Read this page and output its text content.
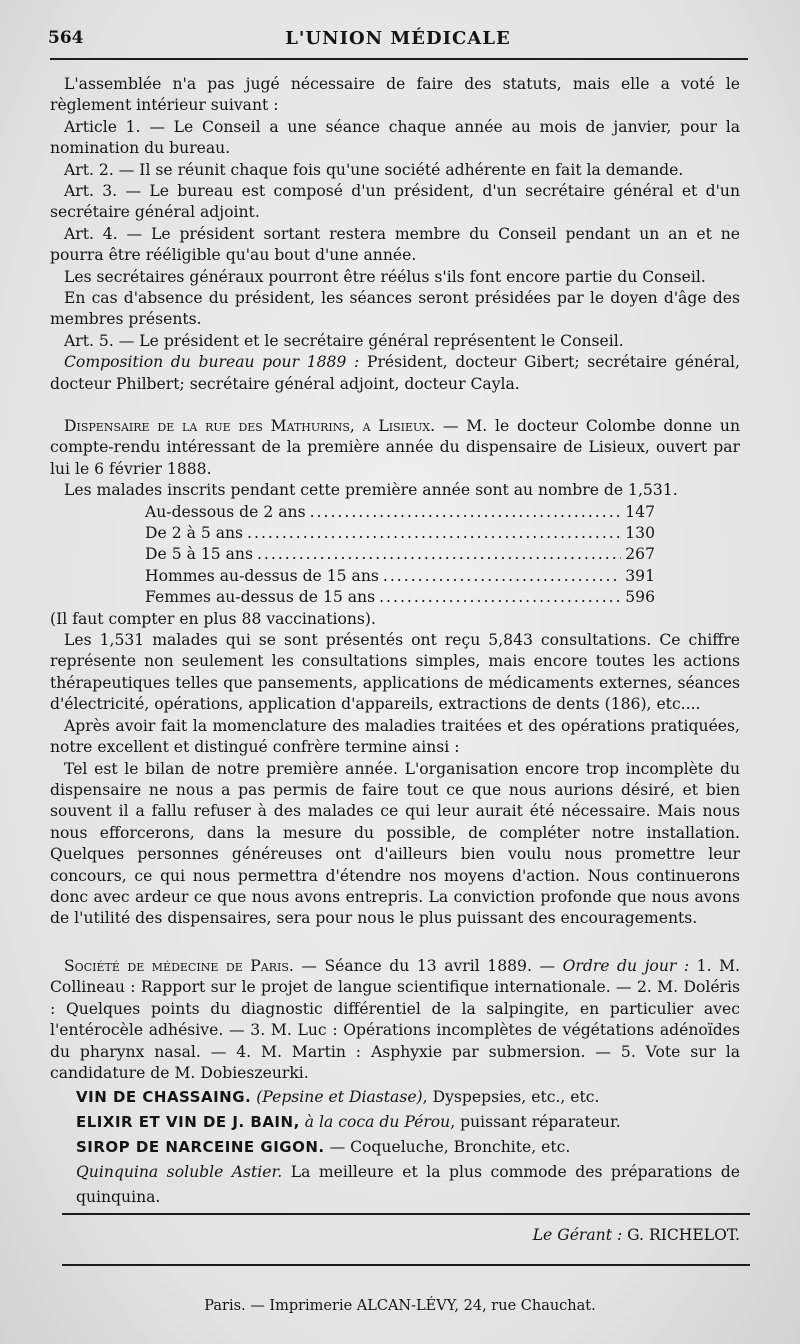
564	L'UNION MÉDICALE

L'assemblée n'a pas jugé nécessaire de faire des statuts, mais elle a voté le règlement intérieur suivant :

Article 1. — Le Conseil a une séance chaque année au mois de janvier, pour la nomination du bureau.

Art. 2. — Il se réunit chaque fois qu'une société adhérente en fait la demande.

Art. 3. — Le bureau est composé d'un président, d'un secrétaire général et d'un secrétaire général adjoint.

Art. 4. — Le président sortant restera membre du Conseil pendant un an et ne pourra être rééligible qu'au bout d'une année.

Les secrétaires généraux pourront être réélus s'ils font encore partie du Conseil.

En cas d'absence du président, les séances seront présidées par le doyen d'âge des membres présents.

Art. 5. — Le président et le secrétaire général représentent le Conseil.

Composition du bureau pour 1889 : Président, docteur Gibert; secrétaire général, docteur Philbert; secrétaire général adjoint, docteur Cayla.

Dispensaire de la rue des Mathurins, a Lisieux. — M. le docteur Colombe donne un compte-rendu intéressant de la première année du dispensaire de Lisieux, ouvert par lui le 6 février 1888.

Les malades inscrits pendant cette première année sont au nombre de 1,531.

Au-dessous de 2 ans .....	147
De 2 à 5 ans .....	130
De 5 à 15 ans .....	267
Hommes au-dessus de 15 ans .....	391
Femmes au-dessus de 15 ans .....	596

(Il faut compter en plus 88 vaccinations).

Les 1,531 malades qui se sont présentés ont reçu 5,843 consultations. Ce chiffre représente non seulement les consultations simples, mais encore toutes les actions thérapeutiques telles que pansements, applications de médicaments externes, séances d'électricité, opérations, application d'appareils, extractions de dents (186), etc....

Après avoir fait la momenclature des maladies traitées et des opérations pratiquées, notre excellent et distingué confrère termine ainsi :

Tel est le bilan de notre première année. L'organisation encore trop incomplète du dispensaire ne nous a pas permis de faire tout ce que nous aurions désiré, et bien souvent il a fallu refuser à des malades ce qui leur aurait été nécessaire. Mais nous nous efforcerons, dans la mesure du possible, de compléter notre installation. Quelques personnes généreuses ont d'ailleurs bien voulu nous promettre leur concours, ce qui nous permettra d'étendre nos moyens d'action. Nous continuerons donc avec ardeur ce que nous avons entrepris. La conviction profonde que nous avons de l'utilité des dispensaires, sera pour nous le plus puissant des encouragements.

Société de médecine de Paris. — Séance du 13 avril 1889. — Ordre du jour : 1. M. Collineau : Rapport sur le projet de langue scientifique internationale. — 2. M. Doléris : Quelques points du diagnostic différentiel de la salpingite, en particulier avec l'entérocèle adhésive. — 3. M. Luc : Opérations incomplètes de végétations adénoïdes du pharynx nasal. — 4. M. Martin : Asphyxie par submersion. — 5. Vote sur la candidature de M. Dobieszeurki.

VIN DE CHASSAING. (Pepsine et Diastase), Dyspepsies, etc., etc.

ELIXIR ET VIN DE J. BAIN, à la coca du Pérou, puissant réparateur.

SIROP DE NARCEINE GIGON. — Coqueluche, Bronchite, etc.

Quinquina soluble Astier. La meilleure et la plus commode des préparations de quinquina.

Le Gérant : G. RICHELOT.
Paris. — Imprimerie ALCAN-LÉVY, 24, rue Chauchat.
